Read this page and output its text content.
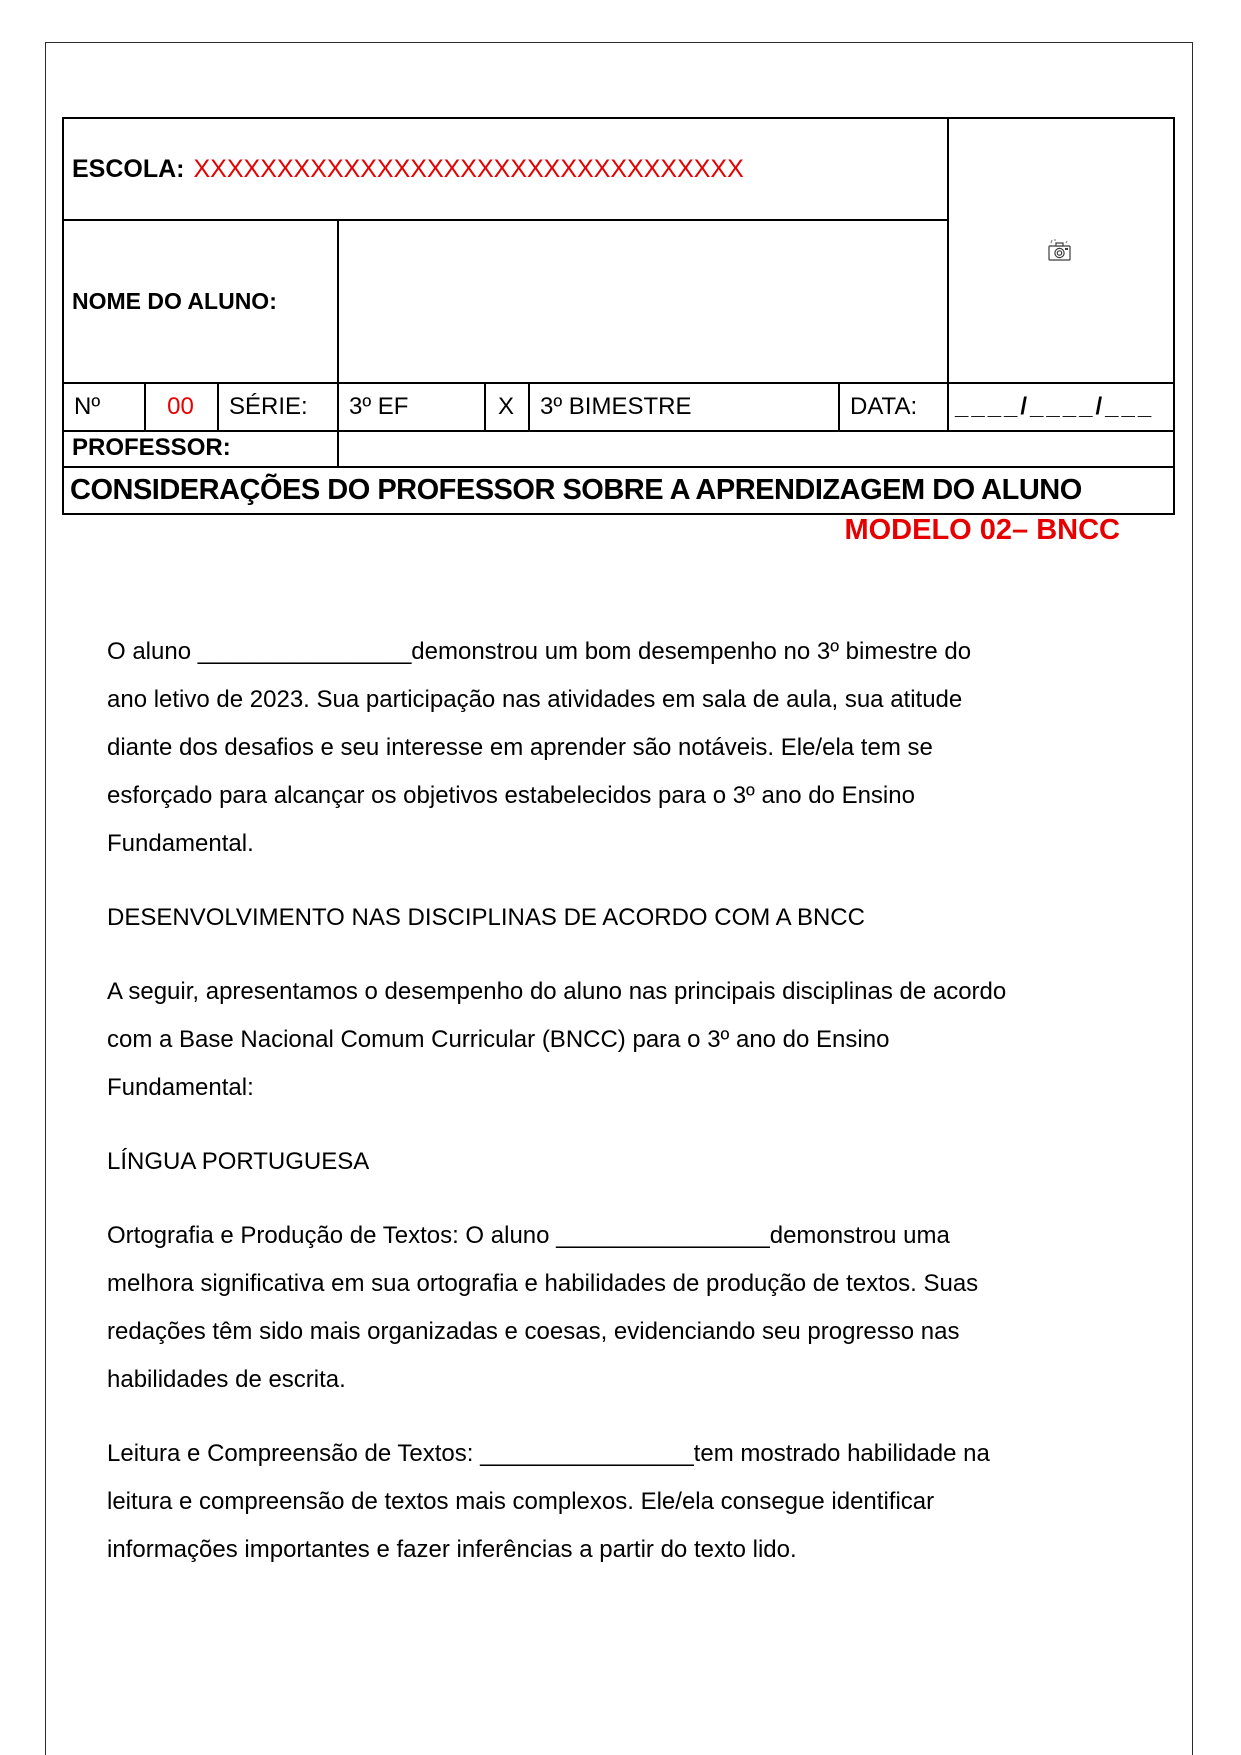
ESCOLA: XXXXXXXXXXXXXXXXXXXXXXXXXXXXXXXXX
NOME DO ALUNO:
Nº	00	SÉRIE:	3º EF	X	3º BIMESTRE	DATA:	____/____/___
PROFESSOR:
CONSIDERAÇÕES DO PROFESSOR SOBRE A APRENDIZAGEM DO ALUNO
MODELO 02– BNCC

O aluno ________________demonstrou um bom desempenho no 3º bimestre do ano letivo de 2023. Sua participação nas atividades em sala de aula, sua atitude diante dos desafios e seu interesse em aprender são notáveis. Ele/ela tem se esforçado para alcançar os objetivos estabelecidos para o 3º ano do Ensino Fundamental.

DESENVOLVIMENTO NAS DISCIPLINAS DE ACORDO COM A BNCC

A seguir, apresentamos o desempenho do aluno nas principais disciplinas de acordo com a Base Nacional Comum Curricular (BNCC) para o 3º ano do Ensino Fundamental:

LÍNGUA PORTUGUESA

Ortografia e Produção de Textos: O aluno ________________demonstrou uma melhora significativa em sua ortografia e habilidades de produção de textos. Suas redações têm sido mais organizadas e coesas, evidenciando seu progresso nas habilidades de escrita.

Leitura e Compreensão de Textos: ________________tem mostrado habilidade na leitura e compreensão de textos mais complexos. Ele/ela consegue identificar informações importantes e fazer inferências a partir do texto lido.
